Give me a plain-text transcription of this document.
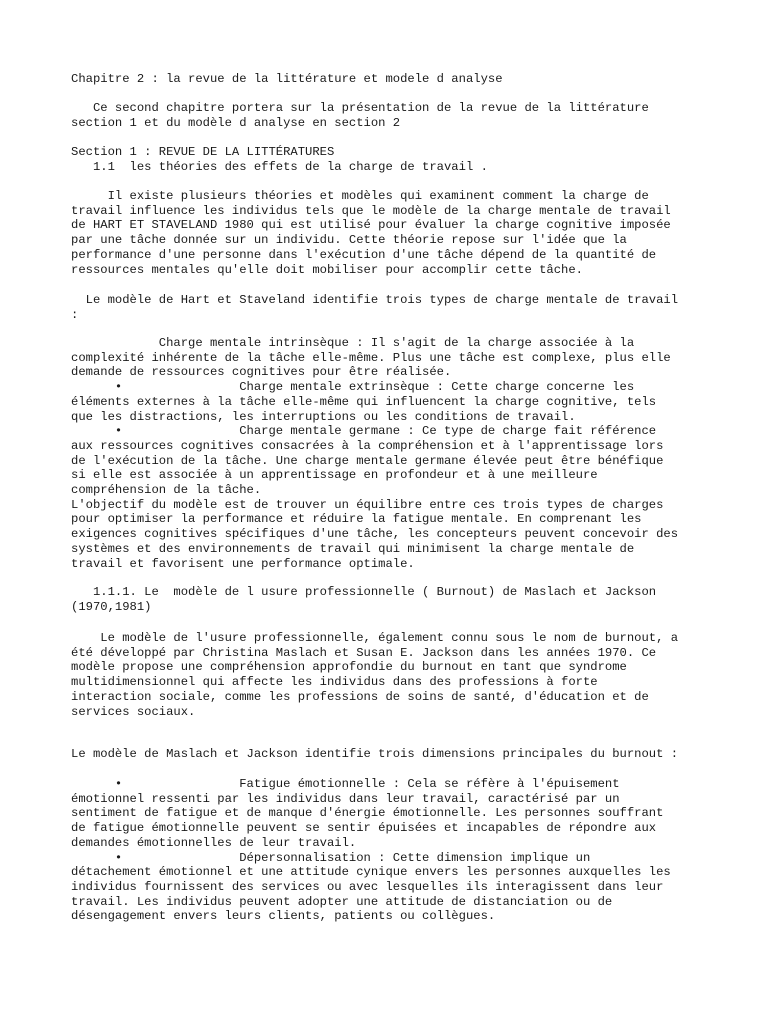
Chapitre 2 : la revue de la littérature et modele d analyse

Ce second chapitre portera sur la présentation de la revue de la littérature
section 1 et du modèle d analyse en section 2

Section 1 : REVUE DE LA LITTÉRATURES

1.1  les théories des effets de la charge de travail .

Il existe plusieurs théories et modèles qui examinent comment la charge de
travail influence les individus tels que le modèle de la charge mentale de travail
de HART ET STAVELAND 1980 qui est utilisé pour évaluer la charge cognitive imposée
par une tâche donnée sur un individu. Cette théorie repose sur l'idée que la
performance d'une personne dans l'exécution d'une tâche dépend de la quantité de
ressources mentales qu'elle doit mobiliser pour accomplir cette tâche.

Le modèle de Hart et Staveland identifie trois types de charge mentale de travail
:

Charge mentale intrinsèque : Il s'agit de la charge associée à la
complexité inhérente de la tâche elle-même. Plus une tâche est complexe, plus elle
demande de ressources cognitives pour être réalisée.
•                Charge mentale extrinsèque : Cette charge concerne les
éléments externes à la tâche elle-même qui influencent la charge cognitive, tels
que les distractions, les interruptions ou les conditions de travail.
•                Charge mentale germane : Ce type de charge fait référence
aux ressources cognitives consacrées à la compréhension et à l'apprentissage lors
de l'exécution de la tâche. Une charge mentale germane élevée peut être bénéfique
si elle est associée à un apprentissage en profondeur et à une meilleure
compréhension de la tâche.
L'objectif du modèle est de trouver un équilibre entre ces trois types de charges
pour optimiser la performance et réduire la fatigue mentale. En comprenant les
exigences cognitives spécifiques d'une tâche, les concepteurs peuvent concevoir des
systèmes et des environnements de travail qui minimisent la charge mentale de
travail et favorisent une performance optimale.

1.1.1. Le  modèle de l usure professionnelle ( Burnout) de Maslach et Jackson
(1970,1981)

Le modèle de l'usure professionnelle, également connu sous le nom de burnout, a
été développé par Christina Maslach et Susan E. Jackson dans les années 1970. Ce
modèle propose une compréhension approfondie du burnout en tant que syndrome
multidimensionnel qui affecte les individus dans des professions à forte
interaction sociale, comme les professions de soins de santé, d'éducation et de
services sociaux.

Le modèle de Maslach et Jackson identifie trois dimensions principales du burnout :

•                Fatigue émotionnelle : Cela se réfère à l'épuisement
émotionnel ressenti par les individus dans leur travail, caractérisé par un
sentiment de fatigue et de manque d'énergie émotionnelle. Les personnes souffrant
de fatigue émotionnelle peuvent se sentir épuisées et incapables de répondre aux
demandes émotionnelles de leur travail.
•                Dépersonnalisation : Cette dimension implique un
détachement émotionnel et une attitude cynique envers les personnes auxquelles les
individus fournissent des services ou avec lesquelles ils interagissent dans leur
travail. Les individus peuvent adopter une attitude de distanciation ou de
désengagement envers leurs clients, patients ou collègues.
